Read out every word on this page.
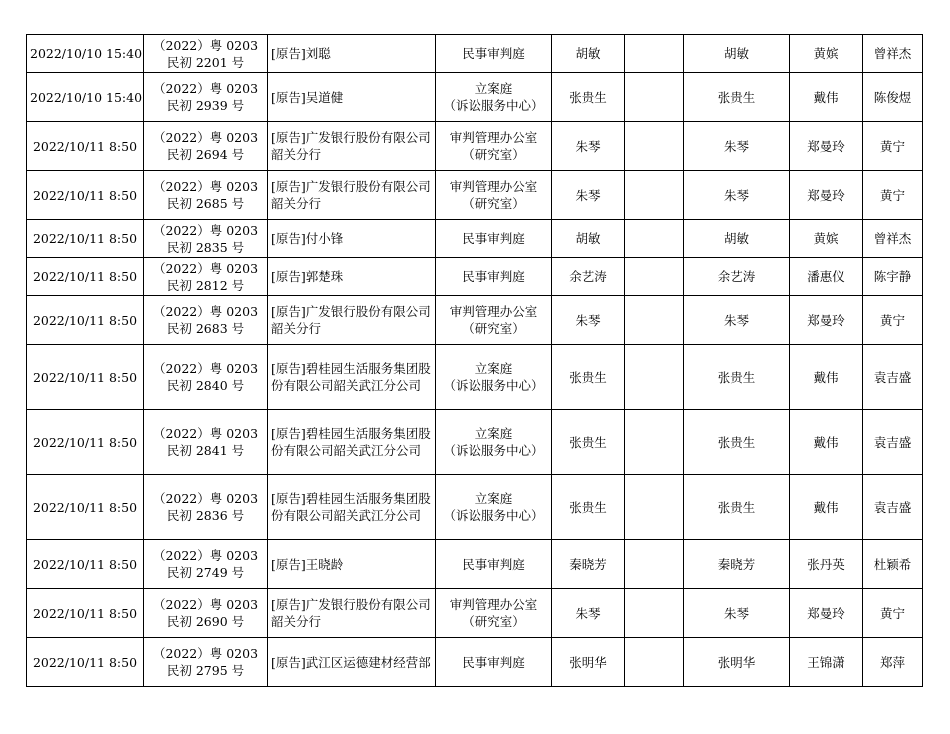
2022/10/10 15:40	（2022）粤 0203
民初 2201 号	[原告]刘聪	民事审判庭	胡敏		胡敏	黄嫔	曾祥杰
2022/10/10 15:40	（2022）粤 0203
民初 2939 号	[原告]吴道健	立案庭
（诉讼服务中心）	张贵生		张贵生	戴伟	陈俊煜
2022/10/11 8:50	（2022）粤 0203
民初 2694 号	[原告]广发银行股份有限公司韶关分行	审判管理办公室
（研究室）	朱琴		朱琴	郑曼玲	黄宁
2022/10/11 8:50	（2022）粤 0203
民初 2685 号	[原告]广发银行股份有限公司韶关分行	审判管理办公室
（研究室）	朱琴		朱琴	郑曼玲	黄宁
2022/10/11 8:50	（2022）粤 0203
民初 2835 号	[原告]付小锋	民事审判庭	胡敏		胡敏	黄嫔	曾祥杰
2022/10/11 8:50	（2022）粤 0203
民初 2812 号	[原告]郭楚珠	民事审判庭	余艺涛		余艺涛	潘惠仪	陈宇静
2022/10/11 8:50	（2022）粤 0203
民初 2683 号	[原告]广发银行股份有限公司韶关分行	审判管理办公室
（研究室）	朱琴		朱琴	郑曼玲	黄宁
2022/10/11 8:50	（2022）粤 0203
民初 2840 号	[原告]碧桂园生活服务集团股份有限公司韶关武江分公司	立案庭
（诉讼服务中心）	张贵生		张贵生	戴伟	袁吉盛
2022/10/11 8:50	（2022）粤 0203
民初 2841 号	[原告]碧桂园生活服务集团股份有限公司韶关武江分公司	立案庭
（诉讼服务中心）	张贵生		张贵生	戴伟	袁吉盛
2022/10/11 8:50	（2022）粤 0203
民初 2836 号	[原告]碧桂园生活服务集团股份有限公司韶关武江分公司	立案庭
（诉讼服务中心）	张贵生		张贵生	戴伟	袁吉盛
2022/10/11 8:50	（2022）粤 0203
民初 2749 号	[原告]王晓龄	民事审判庭	秦晓芳		秦晓芳	张丹英	杜颖希
2022/10/11 8:50	（2022）粤 0203
民初 2690 号	[原告]广发银行股份有限公司韶关分行	审判管理办公室
（研究室）	朱琴		朱琴	郑曼玲	黄宁
2022/10/11 8:50	（2022）粤 0203
民初 2795 号	[原告]武江区运德建材经营部	民事审判庭	张明华		张明华	王锦潇	郑萍
